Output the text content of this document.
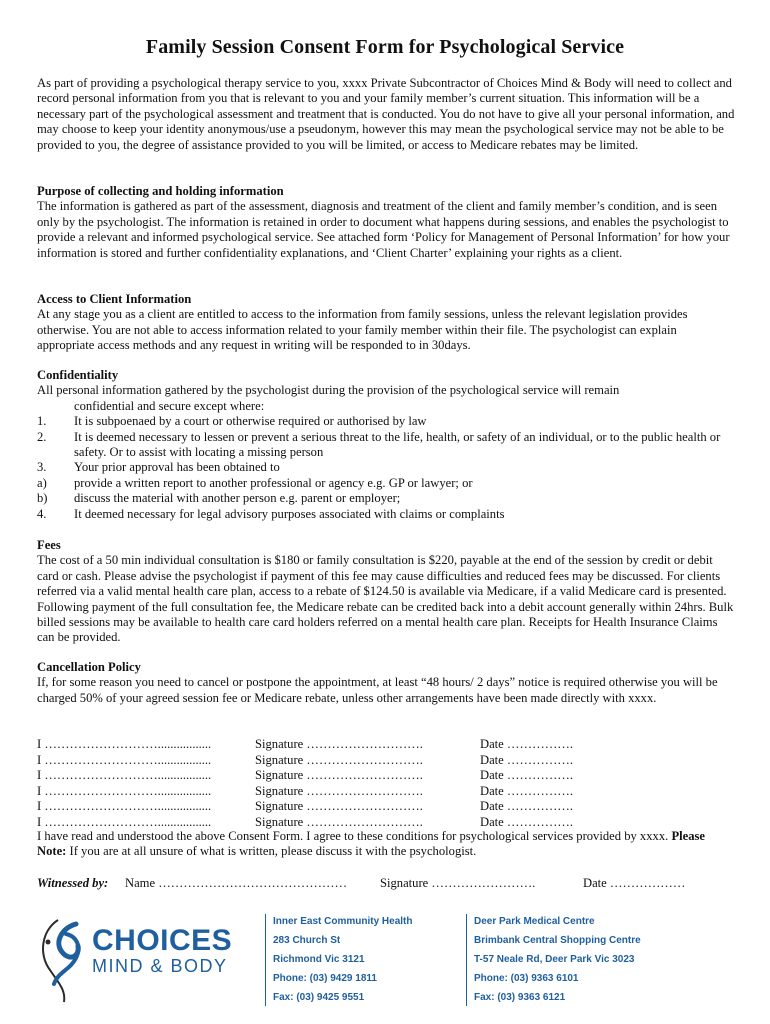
Family Session Consent Form for Psychological Service

As part of providing a psychological therapy service to you, xxxx Private Subcontractor of Choices Mind & Body will need to collect and record personal information from you that is relevant to you and your family member’s current situation. This information will be a necessary part of the psychological assessment and treatment that is conducted. You do not have to give all your personal information, and may choose to keep your identity anonymous/use a pseudonym, however this may mean the psychological service may not be able to be provided to you, the degree of assistance provided to you will be limited, or access to Medicare rebates may be limited.

Purpose of collecting and holding information
The information is gathered as part of the assessment, diagnosis and treatment of the client and family member’s condition, and is seen only by the psychologist. The information is retained in order to document what happens during sessions, and enables the psychologist to provide a relevant and informed psychological service. See attached form ‘Policy for Management of Personal Information’ for how your information is stored and further confidentiality explanations, and ‘Client Charter’ explaining your rights as a client.
Access to Client Information
At any stage you as a client are entitled to access to the information from family sessions, unless the relevant legislation provides otherwise. You are not able to access information related to your family member within their file. The psychologist can explain appropriate access methods and any request in writing will be responded to in 30days.
Confidentiality
All personal information gathered by the psychologist during the provision of the psychological service will remain
confidential and secure except where:
1. It is subpoenaed by a court or otherwise required or authorised by law
2. It is deemed necessary to lessen or prevent a serious threat to the life, health, or safety of an individual, or to the public health or safety. Or to assist with locating a missing person
3. Your prior approval has been obtained to
a) provide a written report to another professional or agency e.g. GP or lawyer; or
b) discuss the material with another person e.g. parent or employer;
4. It deemed necessary for legal advisory purposes associated with claims or complaints
Fees
The cost of a 50 min individual consultation is $180 or family consultation is $220, payable at the end of the session by credit or debit card or cash. Please advise the psychologist if payment of this fee may cause difficulties and reduced fees may be discussed. For clients referred via a valid mental health care plan, access to a rebate of $124.50 is available via Medicare, if a valid Medicare card is presented. Following payment of the full consultation fee, the Medicare rebate can be credited back into a debit account generally within 24hrs. Bulk billed sessions may be available to health care card holders referred on a mental health care plan. Receipts for Health Insurance Claims can be provided.
Cancellation Policy
If, for some reason you need to cancel or postpone the appointment, at least “48 hours/ 2 days” notice is required otherwise you will be charged 50% of your agreed session fee or Medicare rebate, unless other arrangements have been made directly with xxxx.
I ……………………….................	Signature ……………………….	Date …………….
I ……………………….................	Signature ……………………….	Date …………….
I ……………………….................	Signature ……………………….	Date …………….
I ……………………….................	Signature ……………………….	Date …………….
I ……………………….................	Signature ……………………….	Date …………….
I ……………………….................	Signature ……………………….	Date …………….
I have read and understood the above Consent Form. I agree to these conditions for psychological services provided by xxxx. Please Note: If you are at all unsure of what is written, please discuss it with the psychologist.
Witnessed by: Name ………………………………………	Signature …………………….	Date ………………
CHOICES
MIND & BODY
Inner East Community Health
283 Church St
Richmond Vic 3121
Phone: (03) 9429 1811
Fax: (03) 9425 9551
Deer Park Medical Centre
Brimbank Central Shopping Centre
T-57 Neale Rd, Deer Park Vic 3023
Phone: (03) 9363 6101
Fax: (03) 9363 6121
